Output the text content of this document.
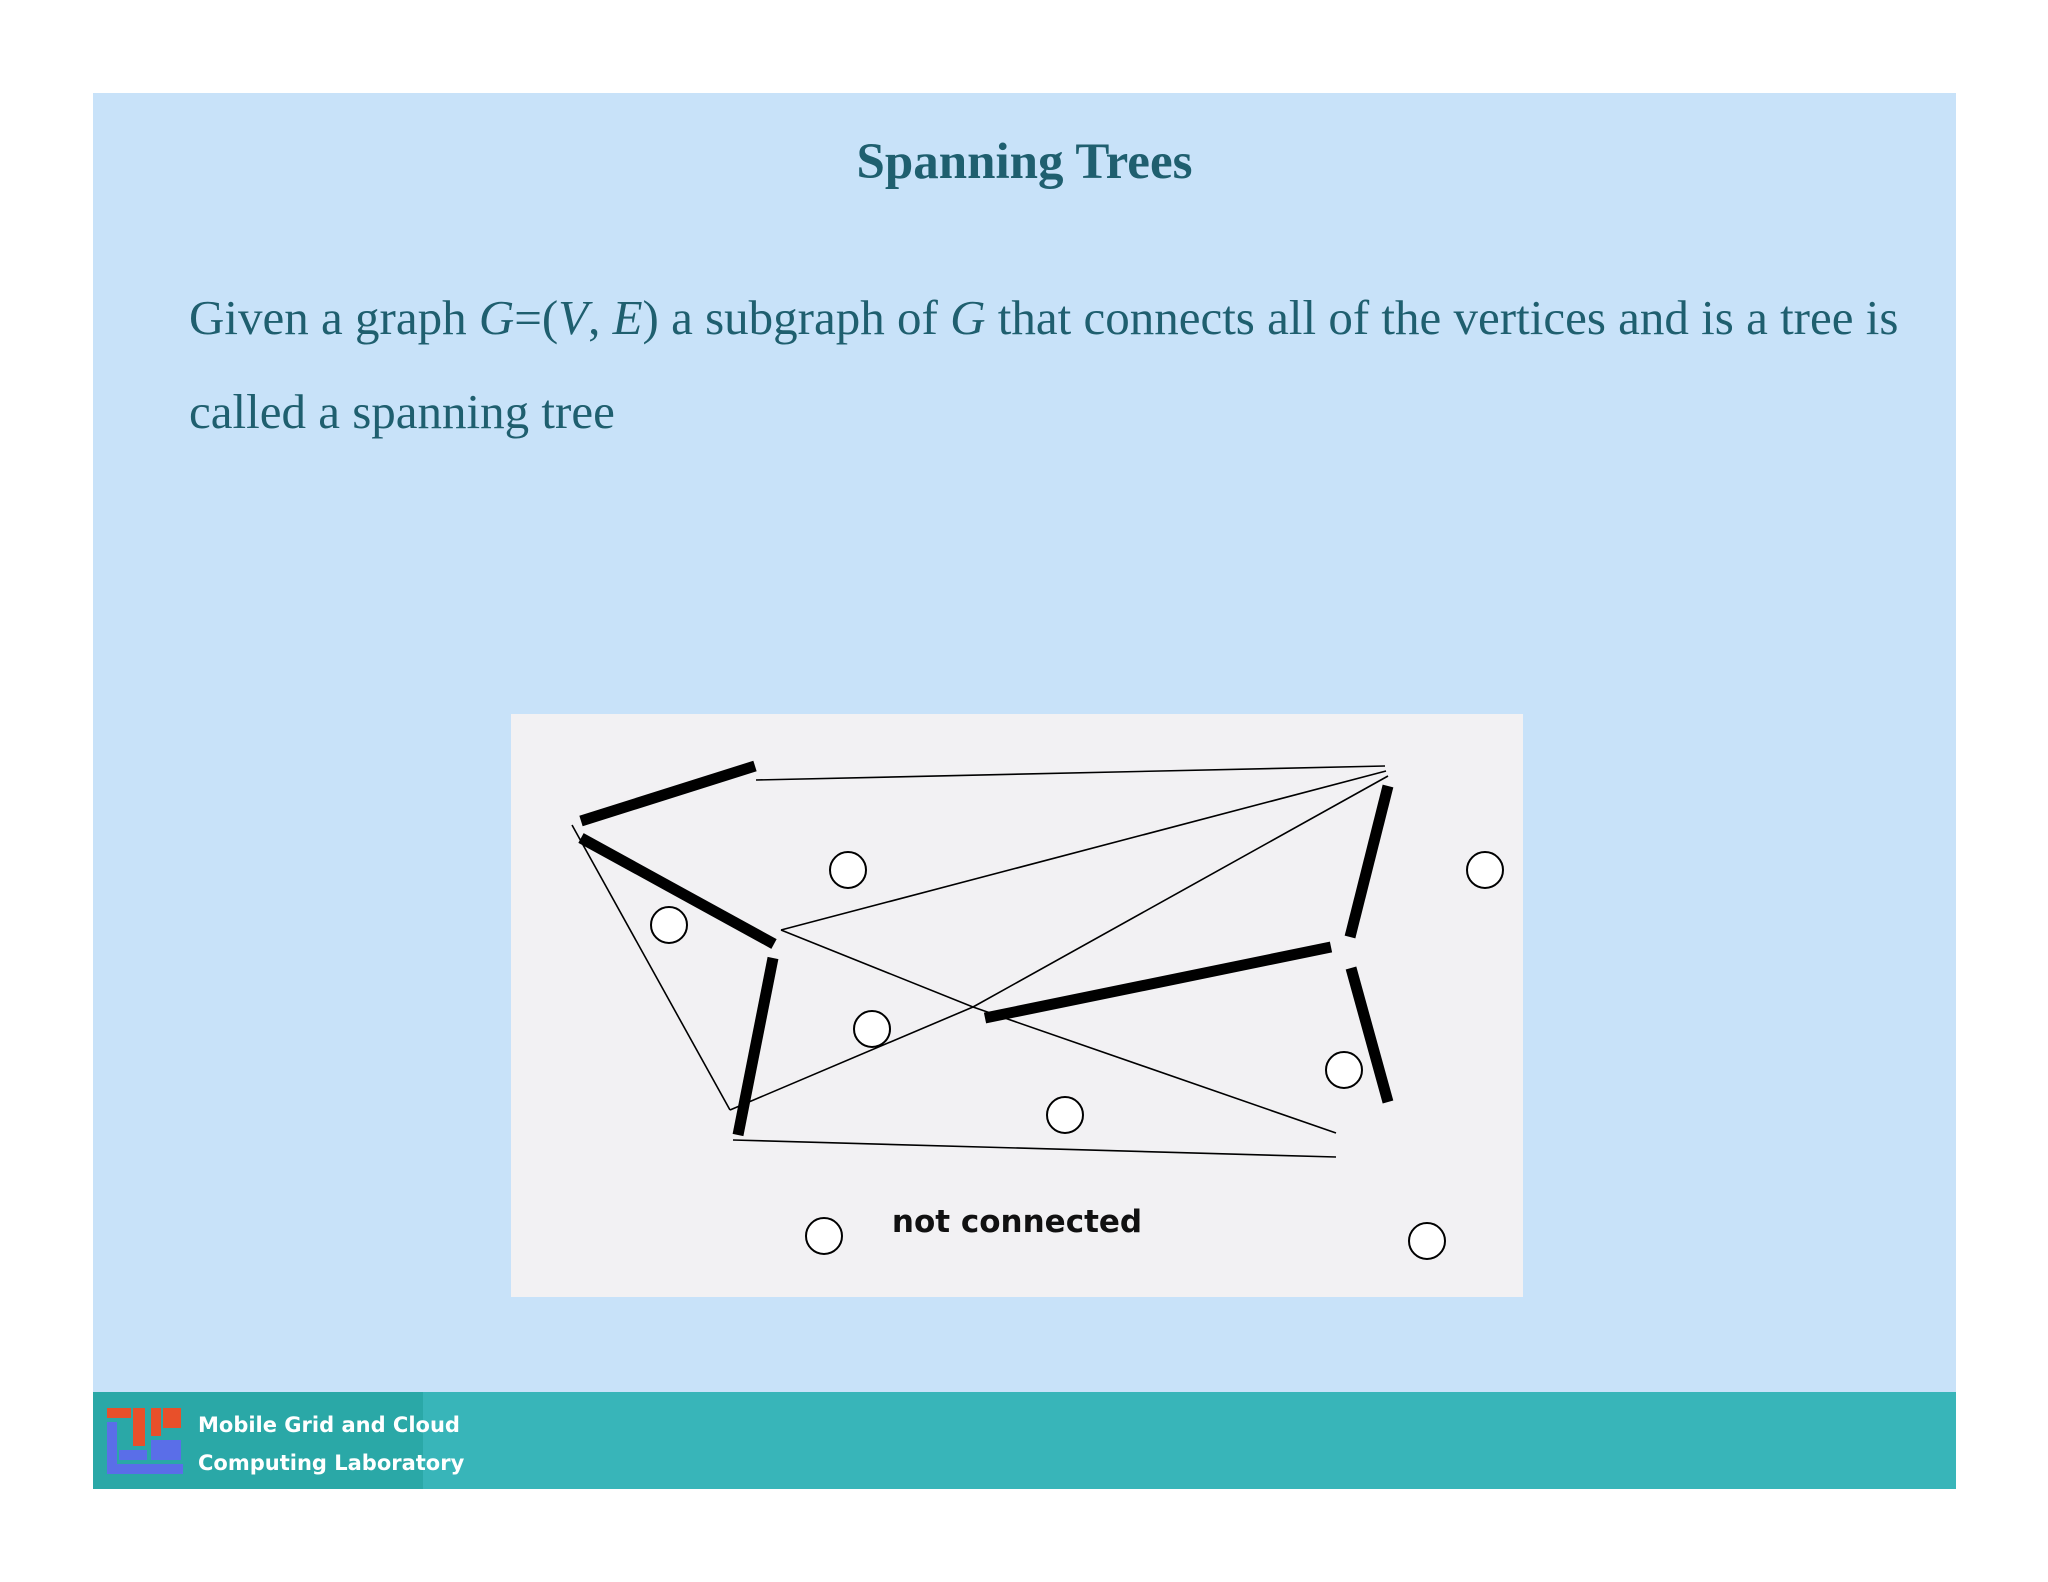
Spanning Trees
Given a graph G=(V, E) a subgraph of G that connects all of the vertices and is a tree is called a spanning tree
not connected
Mobile Grid and Cloud
Computing Laboratory
